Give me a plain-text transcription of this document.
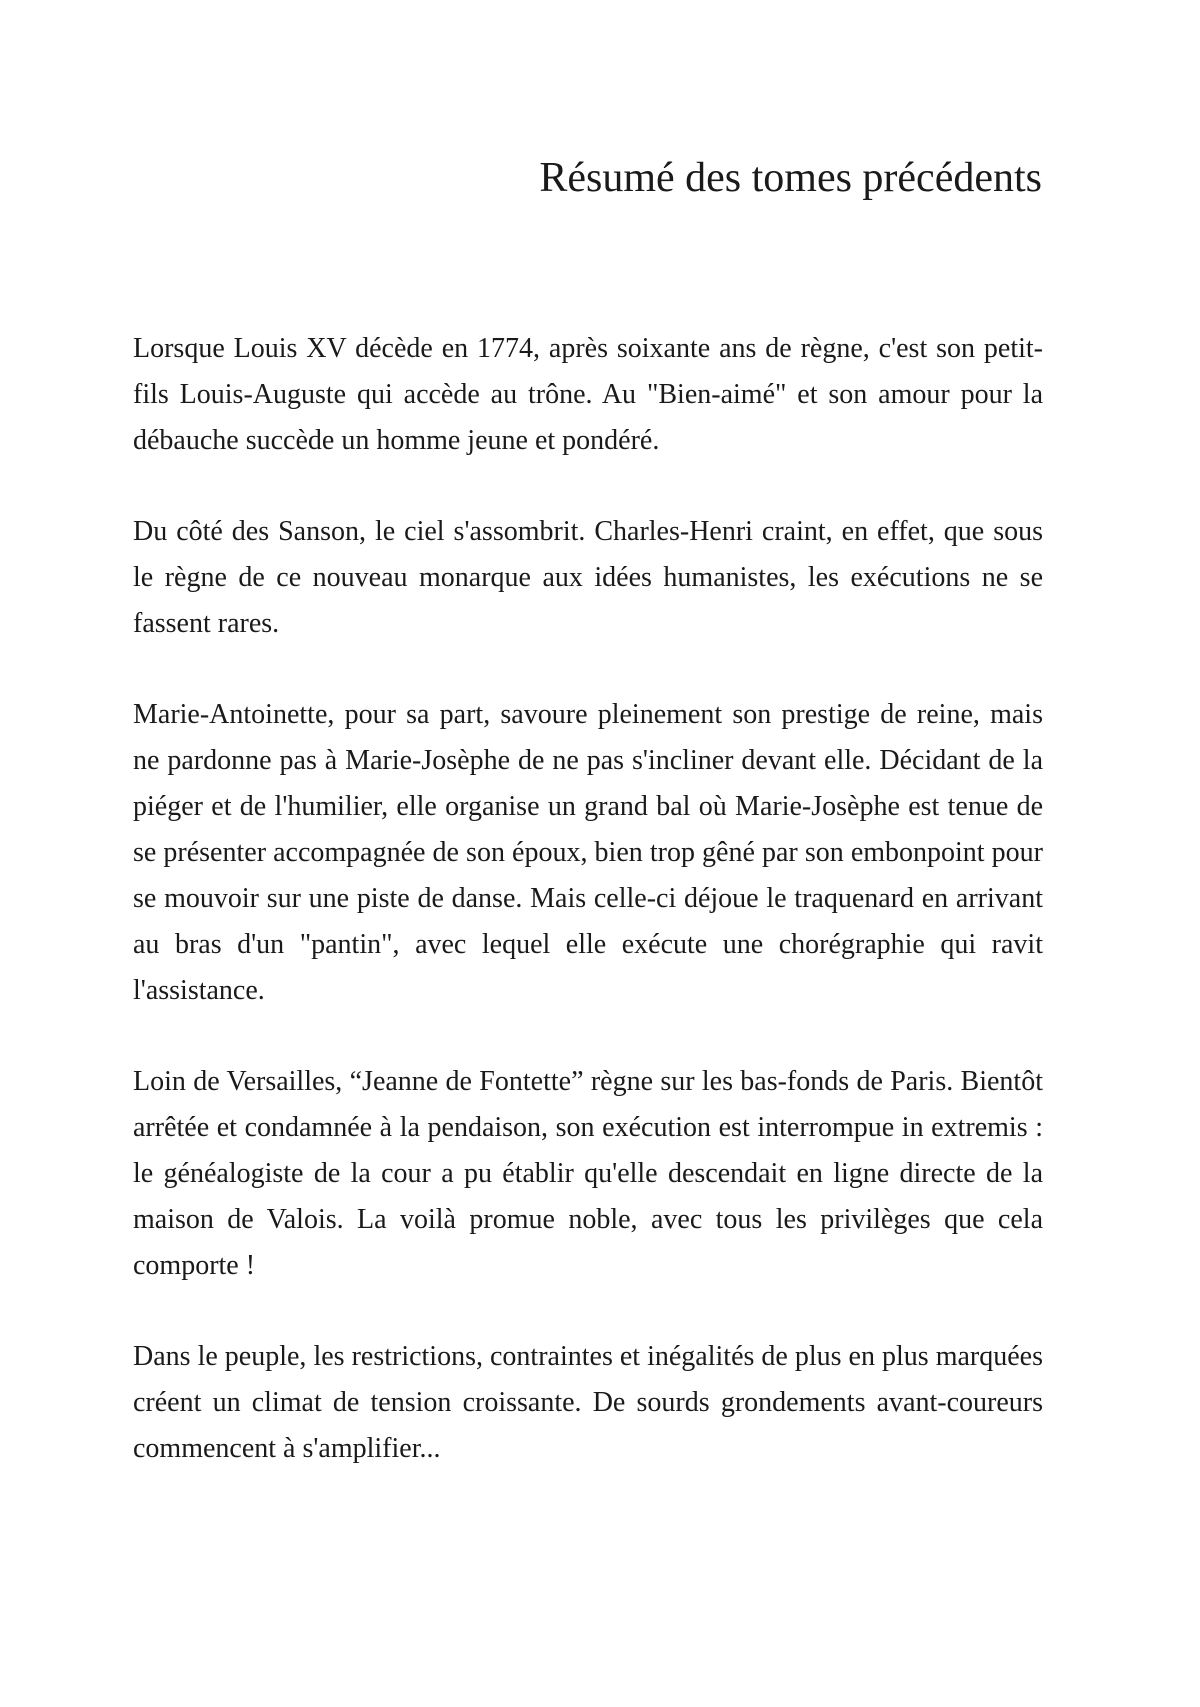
Résumé des tomes précédents

Lorsque Louis XV décède en 1774, après soixante ans de règne, c'est son petit-fils Louis-Auguste qui accède au trône. Au "Bien-aimé" et son amour pour la débauche succède un homme jeune et pondéré.

Du côté des Sanson, le ciel s'assombrit. Charles-Henri craint, en effet, que sous le règne de ce nouveau monarque aux idées humanistes, les exécutions ne se fassent rares.

Marie-Antoinette, pour sa part, savoure pleinement son prestige de reine, mais ne pardonne pas à Marie-Josèphe de ne pas s'incliner devant elle. Décidant de la piéger et de l'humilier, elle organise un grand bal où Marie-Josèphe est tenue de se présenter accompagnée de son époux, bien trop gêné par son embonpoint pour se mouvoir sur une piste de danse. Mais celle-ci déjoue le traquenard en arrivant au bras d'un "pantin", avec lequel elle exécute une chorégraphie qui ravit l'assistance.

Loin de Versailles, “Jeanne de Fontette” règne sur les bas-fonds de Paris. Bientôt arrêtée et condamnée à la pendaison, son exécution est interrompue in extremis : le généalogiste de la cour a pu établir qu'elle descendait en ligne directe de la maison de Valois. La voilà promue noble, avec tous les privilèges que cela comporte !

Dans le peuple, les restrictions, contraintes et inégalités de plus en plus marquées créent un climat de tension croissante. De sourds grondements avant-coureurs commencent à s'amplifier...
